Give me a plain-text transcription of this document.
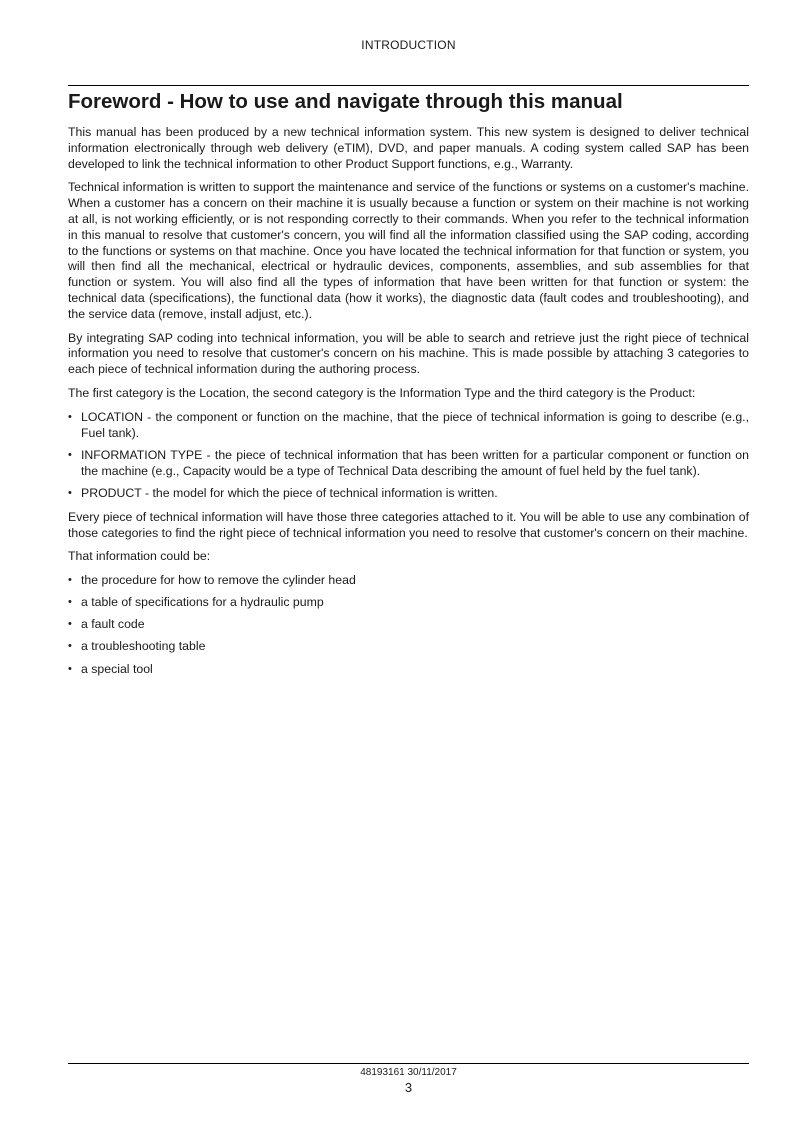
INTRODUCTION
Foreword - How to use and navigate through this manual

This manual has been produced by a new technical information system. This new system is designed to deliver technical information electronically through web delivery (eTIM), DVD, and paper manuals. A coding system called SAP has been developed to link the technical information to other Product Support functions, e.g., Warranty.

Technical information is written to support the maintenance and service of the functions or systems on a customer's machine. When a customer has a concern on their machine it is usually because a function or system on their machine is not working at all, is not working efficiently, or is not responding correctly to their commands. When you refer to the technical information in this manual to resolve that customer's concern, you will find all the information classified using the SAP coding, according to the functions or systems on that machine. Once you have located the technical information for that function or system, you will then find all the mechanical, electrical or hydraulic devices, components, assemblies, and sub assemblies for that function or system. You will also find all the types of information that have been written for that function or system: the technical data (specifications), the functional data (how it works), the diagnostic data (fault codes and troubleshooting), and the service data (remove, install adjust, etc.).

By integrating SAP coding into technical information, you will be able to search and retrieve just the right piece of technical information you need to resolve that customer's concern on his machine. This is made possible by attaching 3 categories to each piece of technical information during the authoring process.

The first category is the Location, the second category is the Information Type and the third category is the Product:

• LOCATION - the component or function on the machine, that the piece of technical information is going to describe (e.g., Fuel tank).
• INFORMATION TYPE - the piece of technical information that has been written for a particular component or function on the machine (e.g., Capacity would be a type of Technical Data describing the amount of fuel held by the fuel tank).
• PRODUCT - the model for which the piece of technical information is written.

Every piece of technical information will have those three categories attached to it. You will be able to use any combination of those categories to find the right piece of technical information you need to resolve that customer's concern on their machine.

That information could be:

• the procedure for how to remove the cylinder head
• a table of specifications for a hydraulic pump
• a fault code
• a troubleshooting table
• a special tool
48193161 30/11/2017
3
